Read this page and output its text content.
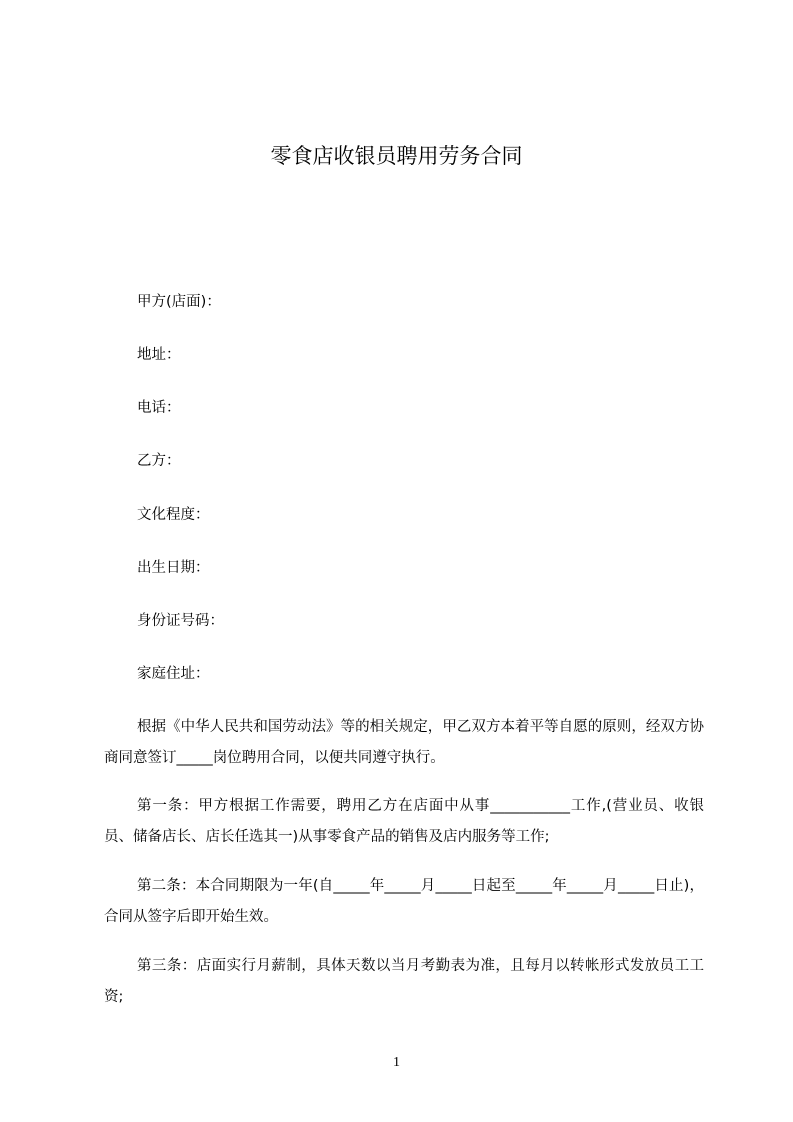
零食店收银员聘用劳务合同
甲方(店面)：
地址：
电话：
乙方：
文化程度：
出生日期：
身份证号码：
家庭住址：
根据《中华人民共和国劳动法》等的相关规定，甲乙双方本着平等自愿的原则，经双方协商同意签订_____岗位聘用合同，以便共同遵守执行。
第一条：甲方根据工作需要，聘用乙方在店面中从事___________工作,(营业员、收银员、储备店长、店长任选其一)从事零食产品的销售及店内服务等工作;
第二条：本合同期限为一年(自_____年_____月_____日起至_____年_____月_____日止)，合同从签字后即开始生效。
第三条：店面实行月薪制，具体天数以当月考勤表为准，且每月以转帐形式发放员工工资;
1
